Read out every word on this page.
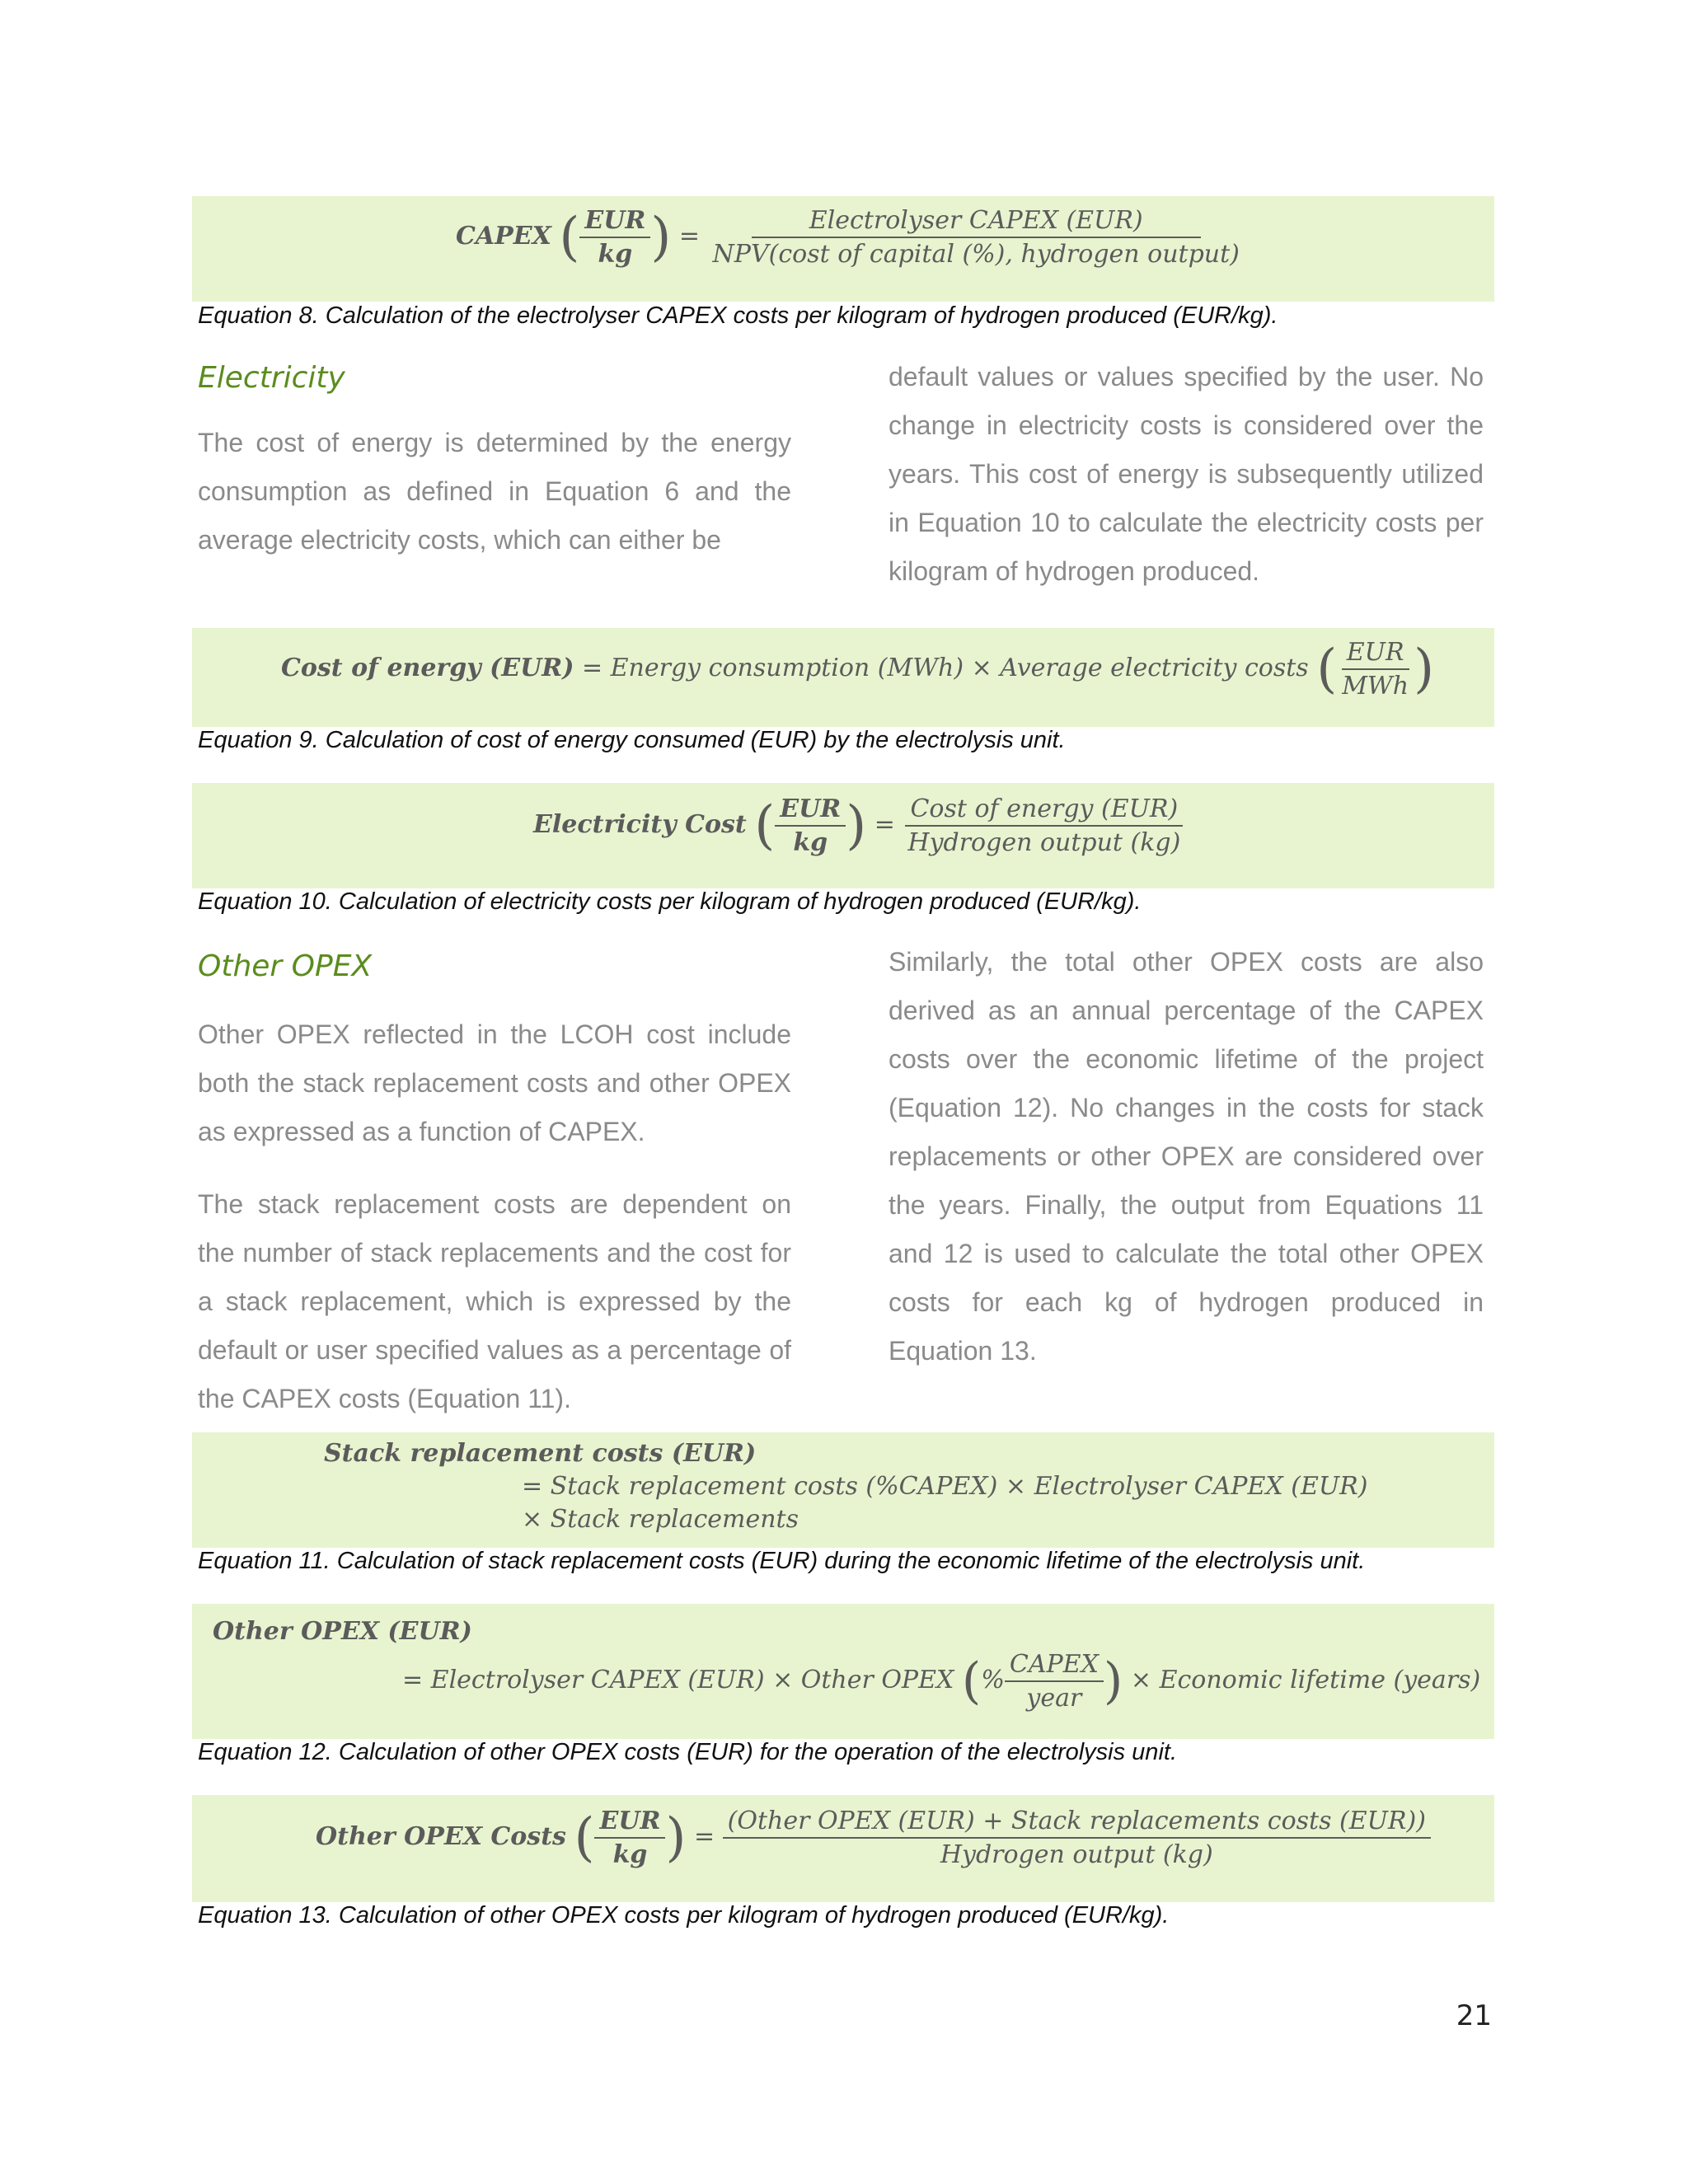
CAPEX ( $\frac{\text{EUR}}{kg}$ ) = $\frac{\text{Electrolyser CAPEX (EUR)}}{\text{NPV(cost of capital (\%), hydrogen output)}}$
Equation 8. Calculation of the electrolyser CAPEX costs per kilogram of hydrogen produced (EUR/kg).
Electricity

The cost of energy is determined by the energy consumption as defined in Equation 6 and the average electricity costs, which can either be

default values or values specified by the user. No change in electricity costs is considered over the years. This cost of energy is subsequently utilized in Equation 10 to calculate the electricity costs per kilogram of hydrogen produced.

Cost of energy (EUR) = Energy consumption (MWh) × Average electricity costs ( $\frac{\text{EUR}}{\text{MWh}}$ )
Equation 9. Calculation of cost of energy consumed (EUR) by the electrolysis unit.
Electricity Cost ( $\frac{\text{EUR}}{kg}$ ) = $\frac{\text{Cost of energy (EUR)}}{\text{Hydrogen output (kg)}}$
Equation 10. Calculation of electricity costs per kilogram of hydrogen produced (EUR/kg).
Other OPEX

Other OPEX reflected in the LCOH cost include both the stack replacement costs and other OPEX as expressed as a function of CAPEX.

The stack replacement costs are dependent on the number of stack replacements and the cost for a stack replacement, which is expressed by the default or user specified values as a percentage of the CAPEX costs (Equation 11).

Similarly, the total other OPEX costs are also derived as an annual percentage of the CAPEX costs over the economic lifetime of the project (Equation 12). No changes in the costs for stack replacements or other OPEX are considered over the years. Finally, the output from Equations 11 and 12 is used to calculate the total other OPEX costs for each kg of hydrogen produced in Equation 13.

Stack replacement costs (EUR)
= Stack replacement costs (%CAPEX) × Electrolyser CAPEX (EUR)
× Stack replacements
Equation 11. Calculation of stack replacement costs (EUR) during the economic lifetime of the electrolysis unit.
Other OPEX (EUR)
= Electrolyser CAPEX (EUR) × Other OPEX (% $\frac{\text{CAPEX}}{\text{year}}$ ) × Economic lifetime (years)
Equation 12. Calculation of other OPEX costs (EUR) for the operation of the electrolysis unit.
Other OPEX Costs ( $\frac{\text{EUR}}{kg}$ ) = $\frac{\text{(Other OPEX (EUR) + Stack replacements costs (EUR))}}{\text{Hydrogen output (kg)}}$
Equation 13. Calculation of other OPEX costs per kilogram of hydrogen produced (EUR/kg).
21
